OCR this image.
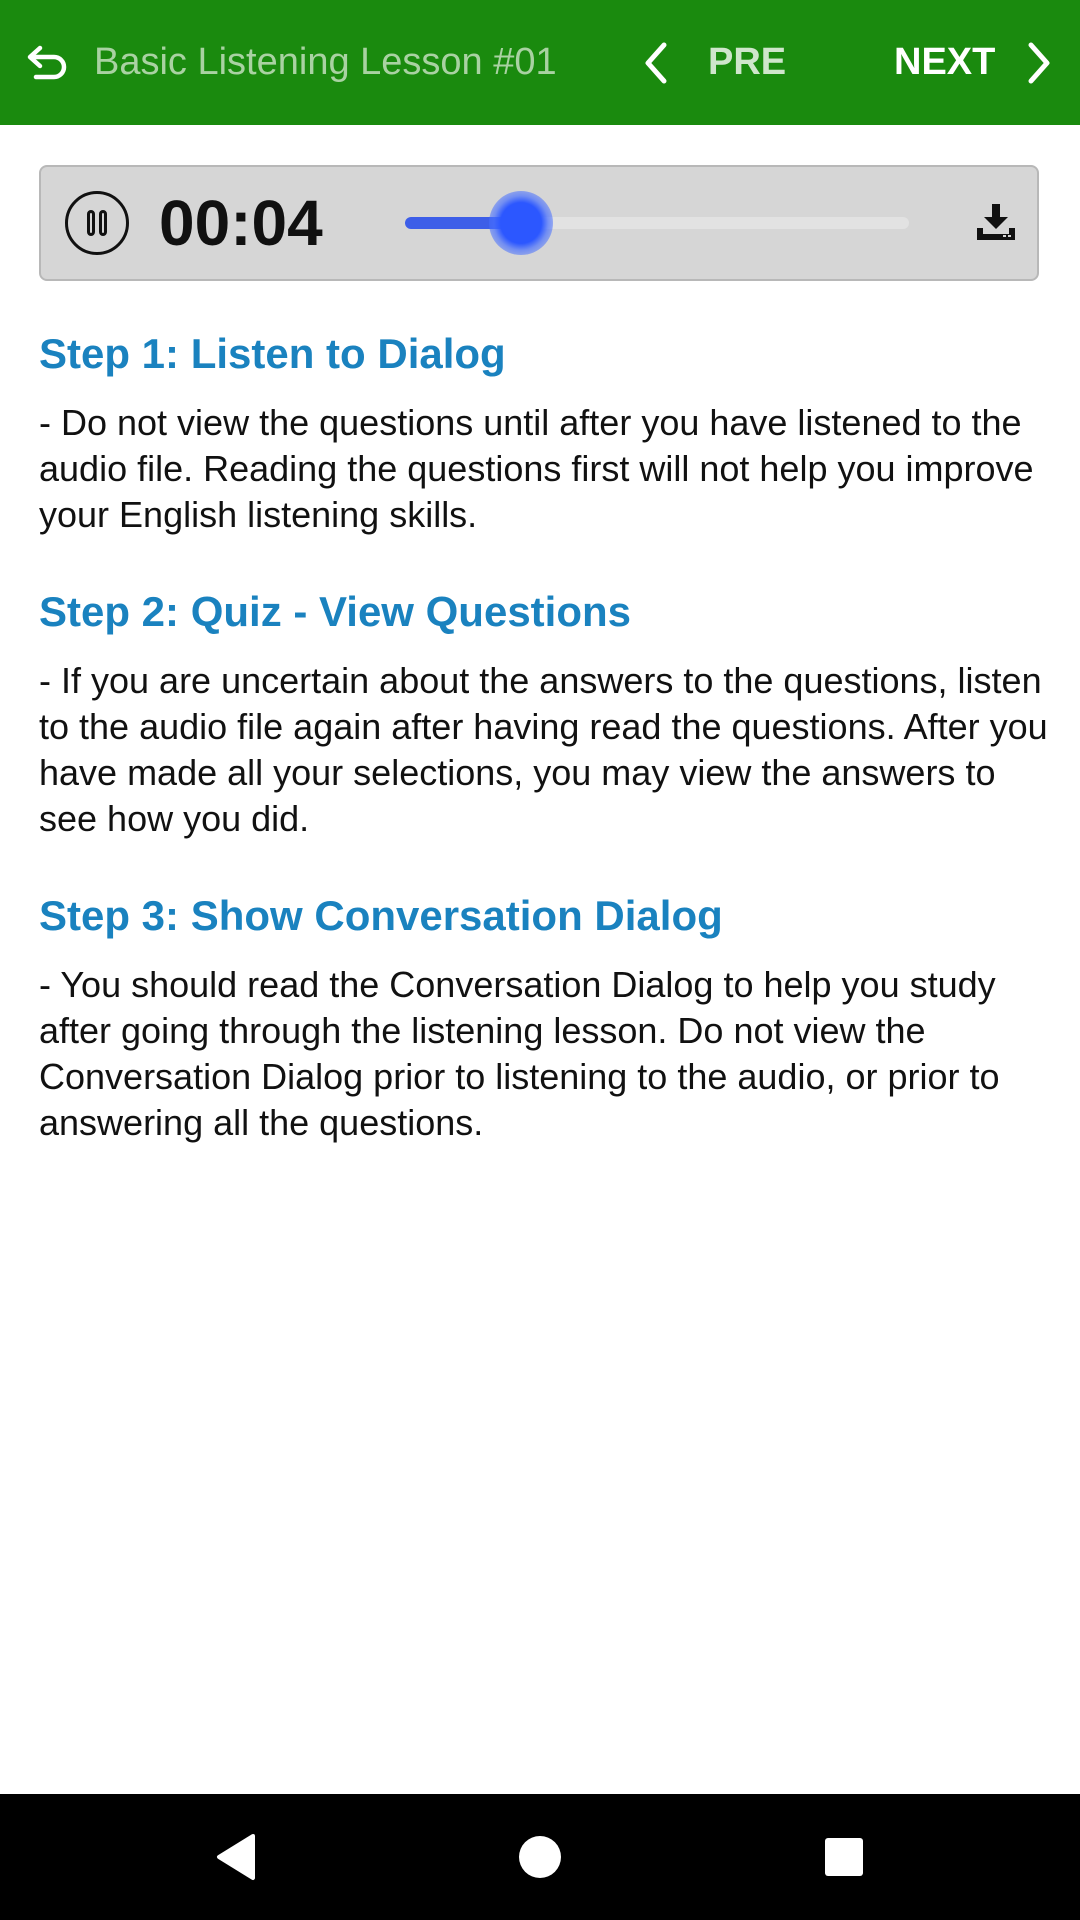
Basic Listening Lesson #01	PRE	NEXT
00:04
Step 1: Listen to Dialog

- Do not view the questions until after you have listened to the audio file. Reading the questions first will not help you improve your English listening skills.

Step 2: Quiz - View Questions

- If you are uncertain about the answers to the questions, listen to the audio file again after having read the questions. After you have made all your selections, you may view the answers to see how you did.

Step 3: Show Conversation Dialog

- You should read the Conversation Dialog to help you study after going through the listening lesson. Do not view the Conversation Dialog prior to listening to the audio, or prior to answering all the questions.
